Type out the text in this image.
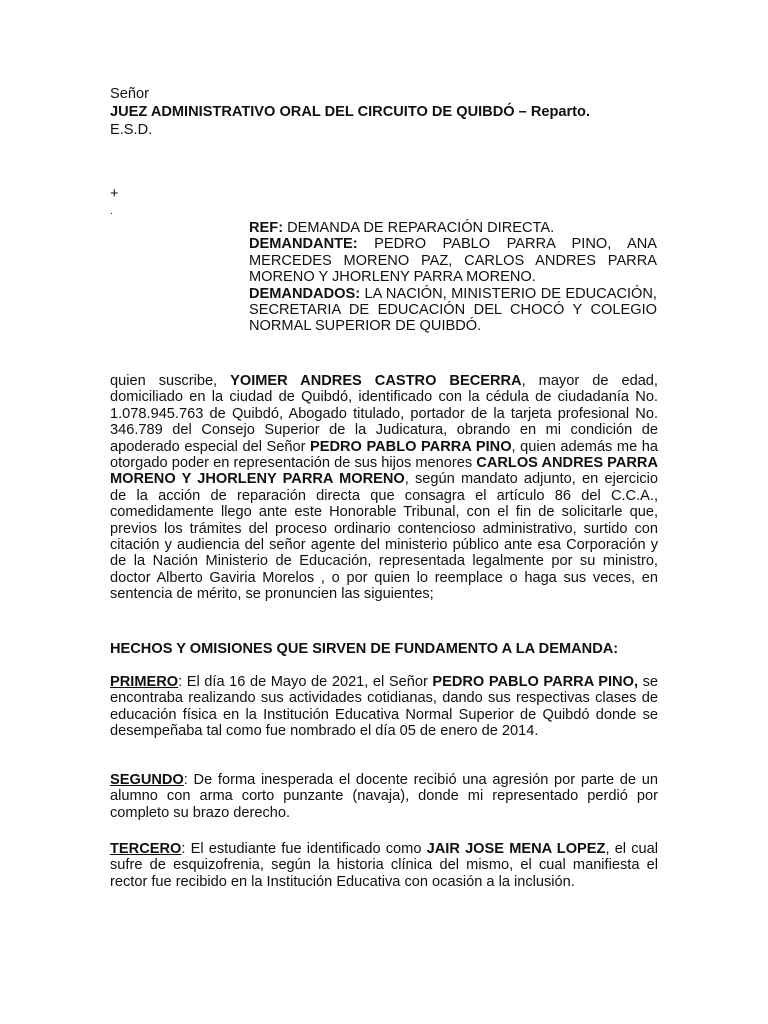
Señor
JUEZ ADMINISTRATIVO ORAL DEL CIRCUITO DE QUIBDÓ – Reparto.
E.S.D.
+
.

REF: DEMANDA DE REPARACIÓN DIRECTA.

DEMANDANTE: PEDRO PABLO PARRA PINO, ANA MERCEDES MORENO PAZ, CARLOS ANDRES PARRA MORENO Y JHORLENY PARRA MORENO.

DEMANDADOS: LA NACIÓN, MINISTERIO DE EDUCACIÓN, SECRETARIA DE EDUCACIÓN DEL CHOCÓ Y COLEGIO NORMAL SUPERIOR DE QUIBDÓ.

quien suscribe, YOIMER ANDRES CASTRO BECERRA, mayor de edad, domiciliado en la ciudad de Quibdó, identificado con la cédula de ciudadanía No. 1.078.945.763 de Quibdó, Abogado titulado, portador de la tarjeta profesional No. 346.789 del Consejo Superior de la Judicatura, obrando en mi condición de apoderado especial del Señor PEDRO PABLO PARRA PINO, quien además me ha otorgado poder en representación de sus hijos menores CARLOS ANDRES PARRA MORENO Y JHORLENY PARRA MORENO, según mandato adjunto, en ejercicio de la acción de reparación directa que consagra el artículo 86 del C.C.A., comedidamente llego ante este Honorable Tribunal, con el fin de solicitarle que, previos los trámites del proceso ordinario contencioso administrativo, surtido con citación y audiencia del señor agente del ministerio público ante esa Corporación y de la Nación Ministerio de Educación, representada legalmente por su ministro, doctor Alberto Gaviria Morelos , o por quien lo reemplace o haga sus veces, en sentencia de mérito, se pronuncien las siguientes;

HECHOS Y OMISIONES QUE SIRVEN DE FUNDAMENTO A LA DEMANDA:

PRIMERO: El día 16 de Mayo de 2021, el Señor PEDRO PABLO PARRA PINO, se encontraba realizando sus actividades cotidianas, dando sus respectivas clases de educación física en la Institución Educativa Normal Superior de Quibdó donde se desempeñaba tal como fue nombrado el día 05 de enero de 2014.

SEGUNDO: De forma inesperada el docente recibió una agresión por parte de un alumno con arma corto punzante (navaja), donde mi representado perdió por completo su brazo derecho.

TERCERO: El estudiante fue identificado como JAIR JOSE MENA LOPEZ, el cual sufre de esquizofrenia, según la historia clínica del mismo, el cual manifiesta el rector fue recibido en la Institución Educativa con ocasión a la inclusión.
